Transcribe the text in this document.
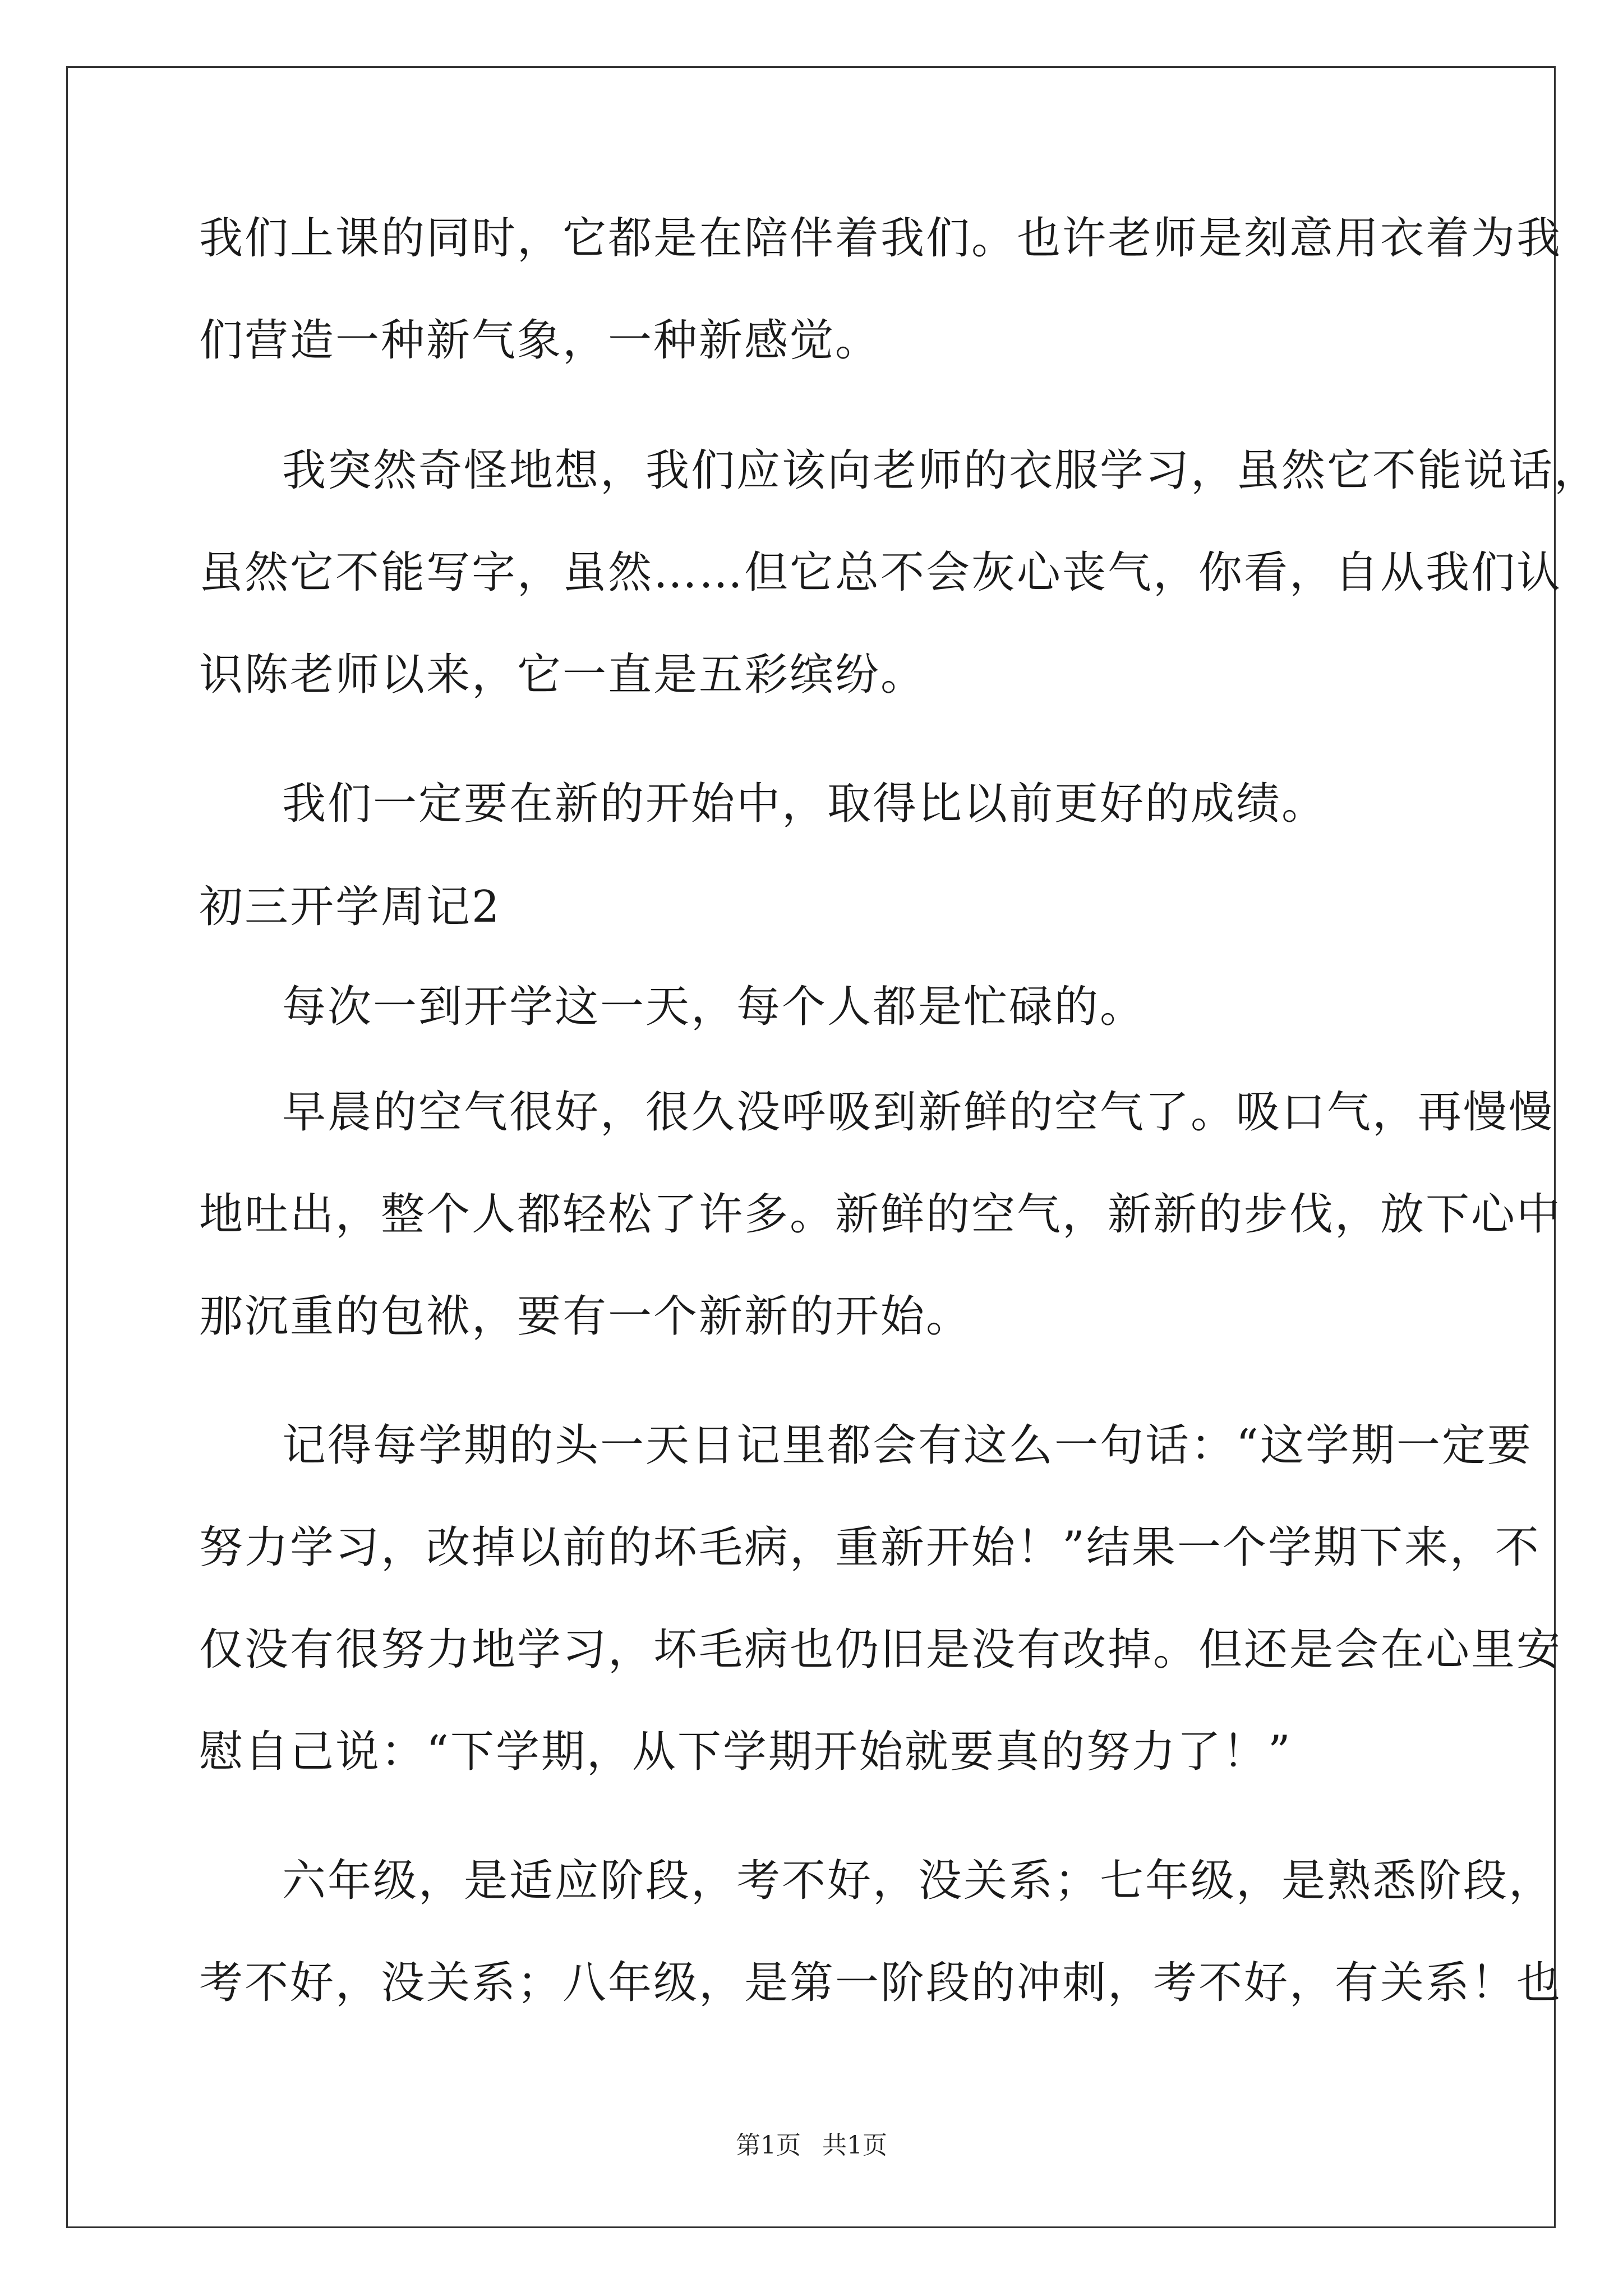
我们上课的同时，它都是在陪伴着我们。也许老师是刻意用衣着为我
们营造一种新气象，一种新感觉。
我突然奇怪地想，我们应该向老师的衣服学习，虽然它不能说话，
虽然它不能写字，虽然……但它总不会灰心丧气，你看，自从我们认
识陈老师以来，它一直是五彩缤纷。
我们一定要在新的开始中，取得比以前更好的成绩。
初三开学周记2
每次一到开学这一天，每个人都是忙碌的。
早晨的空气很好，很久没呼吸到新鲜的空气了。吸口气，再慢慢
地吐出，整个人都轻松了许多。新鲜的空气，新新的步伐，放下心中
那沉重的包袱，要有一个新新的开始。
记得每学期的头一天日记里都会有这么一句话：“这学期一定要
努力学习，改掉以前的坏毛病，重新开始！”结果一个学期下来，不
仅没有很努力地学习，坏毛病也仍旧是没有改掉。但还是会在心里安
慰自己说：“下学期，从下学期开始就要真的努力了！”
六年级，是适应阶段，考不好，没关系；七年级，是熟悉阶段，
考不好，没关系；八年级，是第一阶段的冲刺，考不好，有关系！也
第1页 共1页
